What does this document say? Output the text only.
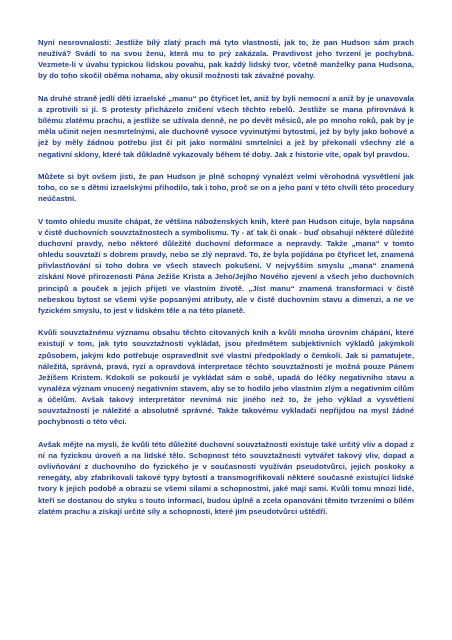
Nyní nesrovnalosti: Jestliže bílý zlatý prach má tyto vlastnosti, jak to, že pan Hudson sám prach neužívá? Svádí to na svou ženu, která mu to prý zakázala. Pravdivost jeho tvrzení je pochybná. Vezmete-li v úvahu typickou lidskou povahu, pak každý lidský tvor, včetně manželky pana Hudsona, by do toho skočil oběma nohama, aby okusil možnosti tak závažné povahy.

Na druhé straně jedlí děti izraelské „manu“ po čtyřicet let, aniž by byli nemocní a aniž by je unavovala a zprotivili si jí. S protesty přicházelo zničení všech těchto rebelů. Jestliže se mana přirovnává k bílému zlatému prachu, a jestliže se užívala denně, ne po devět měsíců, ale po mnoho roků, pak by je měla učinit nejen nesmrtelnými, ale duchovně vysoce vyvinutými bytostmi, jež by byly jako bohové a jež by měly žádnou potřebu jíst či pít jako normální smrtelníci a jež by překonali všechny zlé a negativní sklony, které tak důkladně vykazovaly během té doby. Jak z historie víte, opak byl pravdou.

Můžete si být ovšem jisti, že pan Hudson je plně schopný vynalézt velmi věrohodná vysvětlení jak toho, co se s dětmi izraelskými přihodilo, tak i toho, proč se on a jeho paní v této chvíli této procedury neúčastní.

V tomto ohledu musíte chápat, že většina náboženských knih, které pan Hudson cituje, byla napsána v čistě duchovních souvztažnostech a symbolismu. Ty - ať tak či onak - buď obsahují některé důležité duchovní pravdy, nebo některé důležité duchovní deformace a nepravdy. Takže „mana“ v tomto ohledu souvztaží s dobrem pravdy, nebo se zlý nepravd. To, že byla pojídána po čtyřicet let, znamená přivlastňování si toho dobra ve všech stavech pokušení. V nejvyšším smyslu „mana“ znamená získání Nové přirozenosti Pána Ježíše Krista a Jeho/Jejího Nového zjevení a všech jeho duchovních principů a pouček a jejich přijetí ve vlastním životě. „Jíst manu“ znamená transformaci v čistě nebeskou bytost se všemi výše popsanými atributy, ale v čistě duchovním stavu a dimenzi, a ne ve fyzickém smyslu, to jest v lidském těle a na této planetě.

Kvůli souvztažnému významu obsahu těchto citovaných knih a kvůli mnoha úrovním chápání, které existují v tom, jak tyto souvztažnosti vykládat, jsou předmětem subjektivních výkladů jakýmkoli způsobem, jakým kdo potřebuje ospravedlnit své vlastní předpoklady o čemkoli. Jak si pamatujete, náležitá, správná, pravá, ryzí a opravdová interpretace těchto souvztažností je možná pouze Pánem Ježíšem Kristem. Kdokoli se pokouší je vykládat sám o sobě, upadá do léčky negativního stavu a vynaléza význam vnucený negativním stavem, aby se to hodilo jeho vlastním zlým a negativním cílům a účelům. Avšak takový interpretátor nevnímá nic jiného než to, že jeho výklad a vysvětlení souvztažností je náležité a absolutně správné. Takže takovému vykladači nepřijdou na mysl žádné pochybnosti o této věci.

Avšak mějte na mysli, že kvůli této důležité duchovní souvztažnosti existuje také určitý vliv a dopad z ní na fyzickou úroveň a na lidské tělo. Schopnost této souvztažnosti vytvářet takový vliv, dopad a ovlivňování z duchovního do fyzického je v současnosti využíván pseudotvůrci, jejich poskoky a renegáty, aby zfabrikovali takové typy bytostí a transmogrifikovali některé současné existující lidské tvory k jejich podobě a obrazu se všemi silami a schopnostmi, jaké mají sami. Kvůli tomu mnozí lidé, kteří se dostanou do styku s touto informací, budou úplně a zcela opanováni těmito tvrzeními o bílém zlatém prachu a získají určité síly a schopnosti, které jim pseudotvůrci uštědří.
